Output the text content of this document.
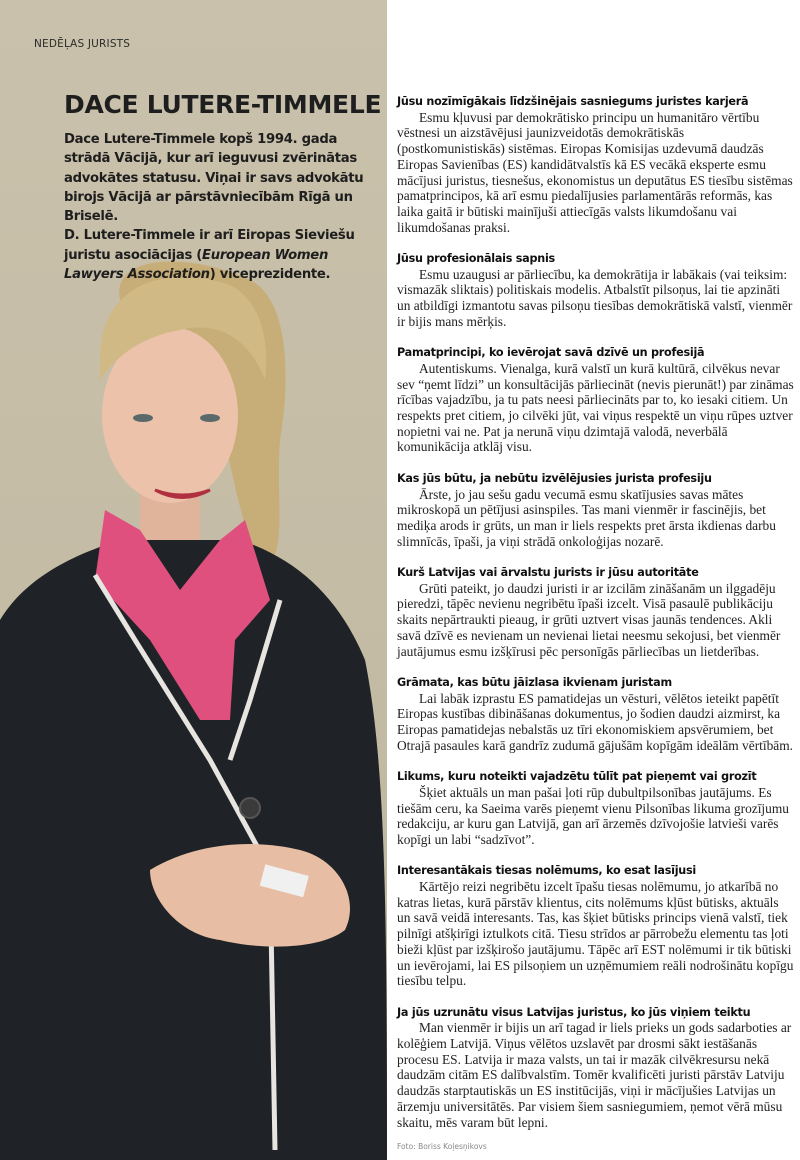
NEDĒĻAS JURISTS
DACE LUTERE-TIMMELE
Dace Lutere-Timmele kopš 1994. gada strādā Vācijā, kur arī ieguvusi zvērinātas advokātes statusu. Viņai ir savs advokātu birojs Vācijā ar pārstāvniecībām Rīgā un Briselē.
D. Lutere-Timmele ir arī Eiropas Sieviešu juristu asociācijas (European Women Lawyers Association) viceprezidente.
Jūsu nozīmīgākais līdzšinējais sasniegums juristes karjerā

Esmu kļuvusi par demokrātisko principu un humanitāro vērtību vēstnesi un aizstāvējusi jaunizveidotās demokrātiskās (postkomunistiskās) sistēmas. Eiropas Komisijas uzdevumā daudzās Eiropas Savienības (ES) kandidātvalstīs kā ES vecākā eksperte esmu mācījusi juristus, tiesnešus, ekonomistus un deputātus ES tiesību sistēmas pamatprincipos, kā arī esmu piedalījusies parlamentārās reformās, kas laika gaitā ir būtiski mainījuši attiecīgās valsts likumdošanu vai likumdošanas praksi.

Jūsu profesionālais sapnis

Esmu uzaugusi ar pārliecību, ka demokrātija ir labākais (vai teiksim: vismazāk sliktais) politiskais modelis. Atbalstīt pilsoņus, lai tie apzināti un atbildīgi izmantotu savas pilsoņu tiesības demokrātiskā valstī, vienmēr ir bijis mans mērķis.

Pamatprincipi, ko ievērojat savā dzīvē un profesijā

Autentiskums. Vienalga, kurā valstī un kurā kultūrā, cilvēkus nevar sev “ņemt līdzi” un konsultācijās pārliecināt (nevis pierunāt!) par zināmas rīcības vajadzību, ja tu pats neesi pārliecināts par to, ko iesaki citiem. Un respekts pret citiem, jo cilvēki jūt, vai viņus respektē un viņu rūpes uztver nopietni vai ne. Pat ja nerunā viņu dzimtajā valodā, neverbālā komunikācija atklāj visu.

Kas jūs būtu, ja nebūtu izvēlējusies jurista profesiju

Ārste, jo jau sešu gadu vecumā esmu skatījusies savas mātes mikroskopā un pētījusi asinspiles. Tas mani vienmēr ir fascinējis, bet mediķa arods ir grūts, un man ir liels respekts pret ārsta ikdienas darbu slimnīcās, īpaši, ja viņi strādā onkoloģijas nozarē.

Kurš Latvijas vai ārvalstu jurists ir jūsu autoritāte

Grūti pateikt, jo daudzi juristi ir ar izcilām zināšanām un ilggadēju pieredzi, tāpēc nevienu negribētu īpaši izcelt. Visā pasaulē publikāciju skaits nepārtraukti pieaug, ir grūti uztvert visas jaunās tendences. Akli savā dzīvē es nevienam un nevienai lietai neesmu sekojusi, bet vienmēr jautājumus esmu izšķīrusi pēc personīgās pārliecības un lietderības.

Grāmata, kas būtu jāizlasa ikvienam juristam

Lai labāk izprastu ES pamatidejas un vēsturi, vēlētos ieteikt papētīt Eiropas kustības dibināšanas dokumentus, jo šodien daudzi aizmirst, ka Eiropas pamatidejas nebalstās uz tīri ekonomiskiem apsvērumiem, bet Otrajā pasaules karā gandrīz zudumā gājušām kopīgām ideālām vērtībām.

Likums, kuru noteikti vajadzētu tūlīt pat pieņemt vai grozīt

Šķiet aktuāls un man pašai ļoti rūp dubultpilsonības jautājums. Es tiešām ceru, ka Saeima varēs pieņemt vienu Pilsonības likuma grozījumu redakciju, ar kuru gan Latvijā, gan arī ārzemēs dzīvojošie latvieši varēs kopīgi un labi “sadzīvot”.

Interesantākais tiesas nolēmums, ko esat lasījusi

Kārtējo reizi negribētu izcelt īpašu tiesas nolēmumu, jo atkarībā no katras lietas, kurā pārstāv klientus, cits nolēmums kļūst būtisks, aktuāls un savā veidā interesants. Tas, kas šķiet būtisks princips vienā valstī, tiek pilnīgi atšķirīgi iztulkots citā. Tiesu strīdos ar pārrobežu elementu tas ļoti bieži kļūst par izšķirošo jautājumu. Tāpēc arī EST nolēmumi ir tik būtiski un ievērojami, lai ES pilsoņiem un uzņēmumiem reāli nodrošinātu kopīgu tiesību telpu.

Ja jūs uzrunātu visus Latvijas juristus, ko jūs viņiem teiktu

Man vienmēr ir bijis un arī tagad ir liels prieks un gods sadarboties ar kolēģiem Latvijā. Viņus vēlētos uzslavēt par drosmi sākt iestāšanās procesu ES. Latvija ir maza valsts, un tai ir mazāk cilvēkresursu nekā daudzām citām ES dalībvalstīm. Tomēr kvalificēti juristi pārstāv Latviju daudzās starptautiskās un ES institūcijās, viņi ir mācījušies Latvijas un ārzemju universitātēs. Par visiem šiem sasniegumiem, ņemot vērā mūsu skaitu, mēs varam būt lepni.

Foto: Boriss Koļesņikovs
